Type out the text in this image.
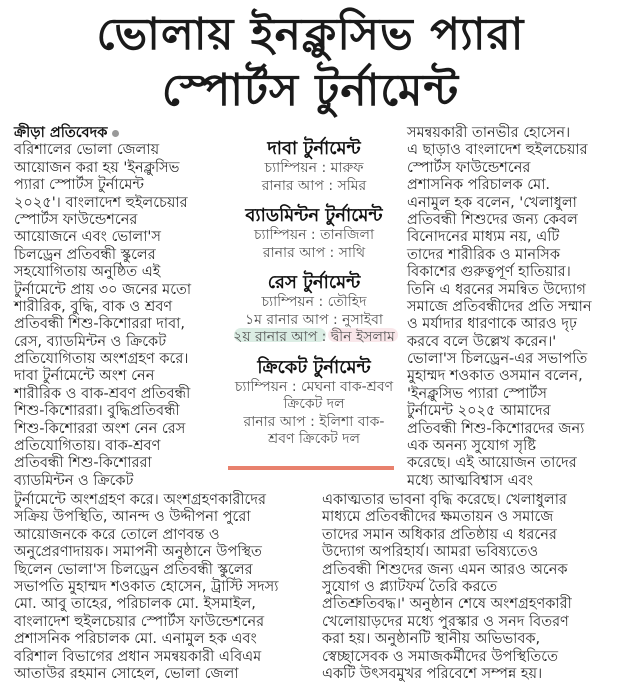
ভোলায় ইনক্লুসিভ প্যারা
স্পোর্টস টুর্নামেন্ট
ক্রীড়া প্রতিবেদক
বরিশালের ভোলা জেলায়
আয়োজন করা হয় 'ইনক্লুসিভ
প্যারা স্পোর্টস টুর্নামেন্ট
২০২৫'। বাংলাদেশ হুইলচেয়ার
স্পোর্টস ফাউন্ডেশনের
আয়োজনে এবং ভোলা'স
চিলড্রেন প্রতিবন্ধী স্কুলের
সহযোগিতায় অনুষ্ঠিত এই
টুর্নামেন্টে প্রায় ৩০ জনের মতো
শারীরিক, বুদ্ধি, বাক ও শ্রবণ
প্রতিবন্ধী শিশু-কিশোররা দাবা,
রেস, ব্যাডমিন্টন ও ক্রিকেট
প্রতিযোগিতায় অংশগ্রহণ করে।
দাবা টুর্নামেন্টে অংশ নেন
শারীরিক ও বাক-শ্রবণ প্রতিবন্ধী
শিশু-কিশোররা। বুদ্ধিপ্রতিবন্ধী
শিশু-কিশোররা অংশ নেন রেস
প্রতিযোগিতায়। বাক-শ্রবণ
প্রতিবন্ধী শিশু-কিশোররা
ব্যাডমিন্টন ও ক্রিকেট
দাবা টুর্নামেন্ট
চ্যাম্পিয়ন : মারুফ
রানার আপ : সমির
ব্যাডমিন্টন টুর্নামেন্ট
চ্যাম্পিয়ন : তানজিলা
রানার আপ : সাথি
রেস টুর্নামেন্ট
চ্যাম্পিয়ন : তৌহিদ
১ম রানার আপ : নুসাইবা
২য় রানার আপ : দ্বীন ইসলাম
ক্রিকেট টুর্নামেন্ট
চ্যাম্পিয়ন : মেঘনা বাক-শ্রবণ
ক্রিকেট দল
রানার আপ : ইলিশা বাক-
শ্রবণ ক্রিকেট দল
সমন্বয়কারী তানভীর হোসেন।
এ ছাড়াও বাংলাদেশ হুইলচেয়ার
স্পোর্টস ফাউন্ডেশনের
প্রশাসনিক পরিচালক মো.
এনামুল হক বলেন, 'খেলাধুলা
প্রতিবন্ধী শিশুদের জন্য কেবল
বিনোদনের মাধ্যম নয়, এটি
তাদের শারীরিক ও মানসিক
বিকাশের গুরুত্বপূর্ণ হাতিয়ার।
তিনি এ ধরনের সমন্বিত উদ্যোগ
সমাজে প্রতিবন্ধীদের প্রতি সম্মান
ও মর্যাদার ধারণাকে আরও দৃঢ়
করবে বলে উল্লেখ করেন।'
ভোলা'স চিলড্রেন-এর সভাপতি
মুহাম্মদ শওকাত ওসমান বলেন,
'ইনক্লুসিভ প্যারা স্পোর্টস
টুর্নামেন্ট ২০২৫ আমাদের
প্রতিবন্ধী শিশু-কিশোরদের জন্য
এক অনন্য সুযোগ সৃষ্টি
করেছে। এই আয়োজন তাদের
মধ্যে আত্মবিশ্বাস এবং
টুর্নামেন্টে অংশগ্রহণ করে। অংশগ্রহণকারীদের
সক্রিয় উপস্থিতি, আনন্দ ও উদ্দীপনা পুরো
আয়োজনকে করে তোলে প্রাণবন্ত ও
অনুপ্রেরণাদায়ক। সমাপনী অনুষ্ঠানে উপস্থিত
ছিলেন ভোলা'স চিলড্রেন প্রতিবন্ধী স্কুলের
সভাপতি মুহাম্মদ শওকাত হোসেন, ট্রাস্টি সদস্য
মো. আবু তাহের, পরিচালক মো. ইসমাইল,
বাংলাদেশ হুইলচেয়ার স্পোর্টস ফাউন্ডেশনের
প্রশাসনিক পরিচালক মো. এনামুল হক এবং
বরিশাল বিভাগের প্রধান সমন্বয়কারী এবিএম
আতাউর রহমান সোহেল, ভোলা জেলা
একাত্মতার ভাবনা বৃদ্ধি করেছে। খেলাধুলার
মাধ্যমে প্রতিবন্ধীদের ক্ষমতায়ন ও সমাজে
তাদের সমান অধিকার প্রতিষ্ঠায় এ ধরনের
উদ্যোগ অপরিহার্য। আমরা ভবিষ্যতেও
প্রতিবন্ধী শিশুদের জন্য এমন আরও অনেক
সুযোগ ও প্ল্যাটফর্ম তৈরি করতে
প্রতিশ্রুতিবদ্ধ।' অনুষ্ঠান শেষে অংশগ্রহণকারী
খেলোয়াড়দের মধ্যে পুরস্কার ও সনদ বিতরণ
করা হয়। অনুষ্ঠানটি স্থানীয় অভিভাবক,
স্বেচ্ছাসেবক ও সমাজকর্মীদের উপস্থিতিতে
একটি উৎসবমুখর পরিবেশে সম্পন্ন হয়।
